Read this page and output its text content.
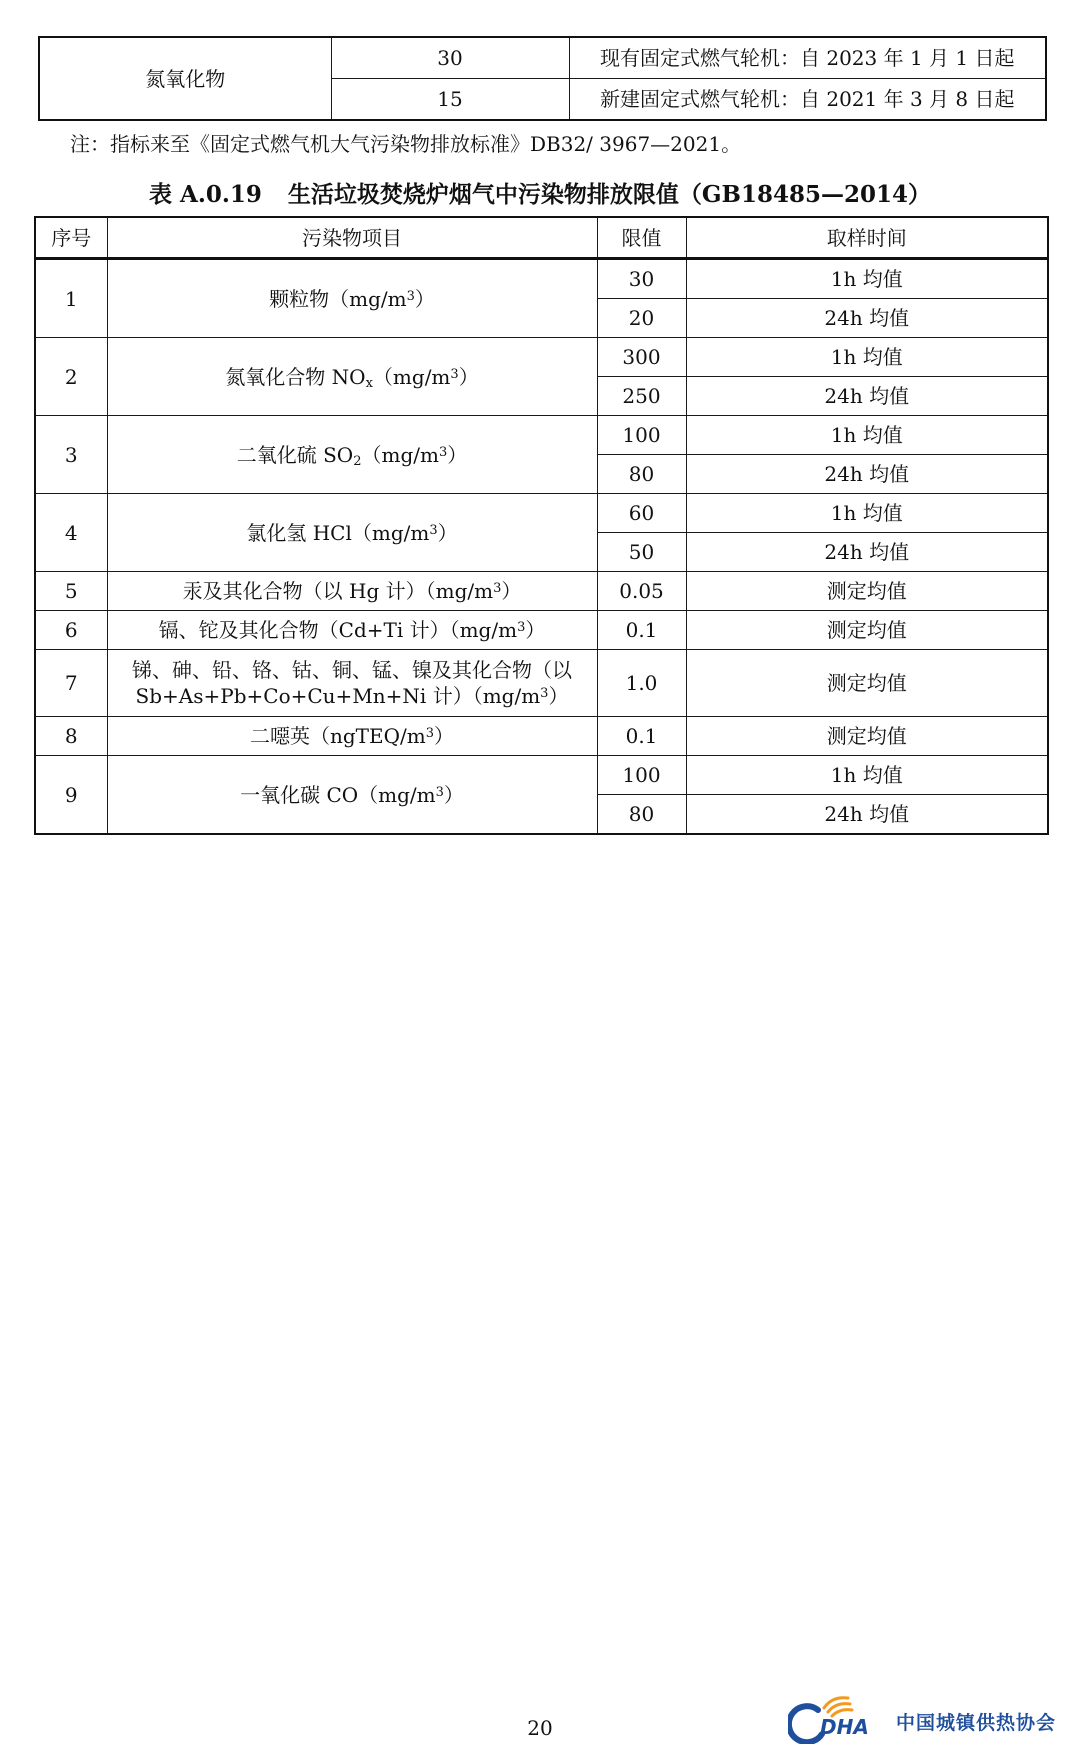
氮氧化物	30	现有固定式燃气轮机：自 2023 年 1 月 1 日起
	15	新建固定式燃气轮机：自 2021 年 3 月 8 日起
注：指标来至《固定式燃气机大气污染物排放标准》DB32/ 3967—2021。
表 A.0.19 生活垃圾焚烧炉烟气中污染物排放限值（GB18485—2014）
序号	污染物项目	限值	取样时间
1	颗粒物$(mg/m^3)$	30	1h 均值
		20	24h 均值
2	氮氧化合物 $NO_x(mg/m^3)$	300	1h 均值
		250	24h 均值
3	二氧化硫 $SO_2(mg/m^3)$	100	1h 均值
		80	24h 均值
4	氯化氢 $HCl(mg/m^3)$	60	1h 均值
		50	24h 均值
5	汞及其化合物（以 Hg 计）$(mg/m^3)$	0.05	测定均值
6	镉、铊及其化合物（Cd+Ti 计）$(mg/m^3)$	0.1	测定均值
7	锑、砷、铅、铬、钴、铜、锰、镍及其化合物（以
Sb+As+Pb+Co+Cu+Mn+Ni 计）$(mg/m^3)$	1.0	测定均值
8	二噁英$(ngTEQ/m^3)$	0.1	测定均值
9	一氧化碳 $CO(mg/m^3)$	100	1h 均值
		80	24h 均值
20	DHA 中国城镇供热协会
